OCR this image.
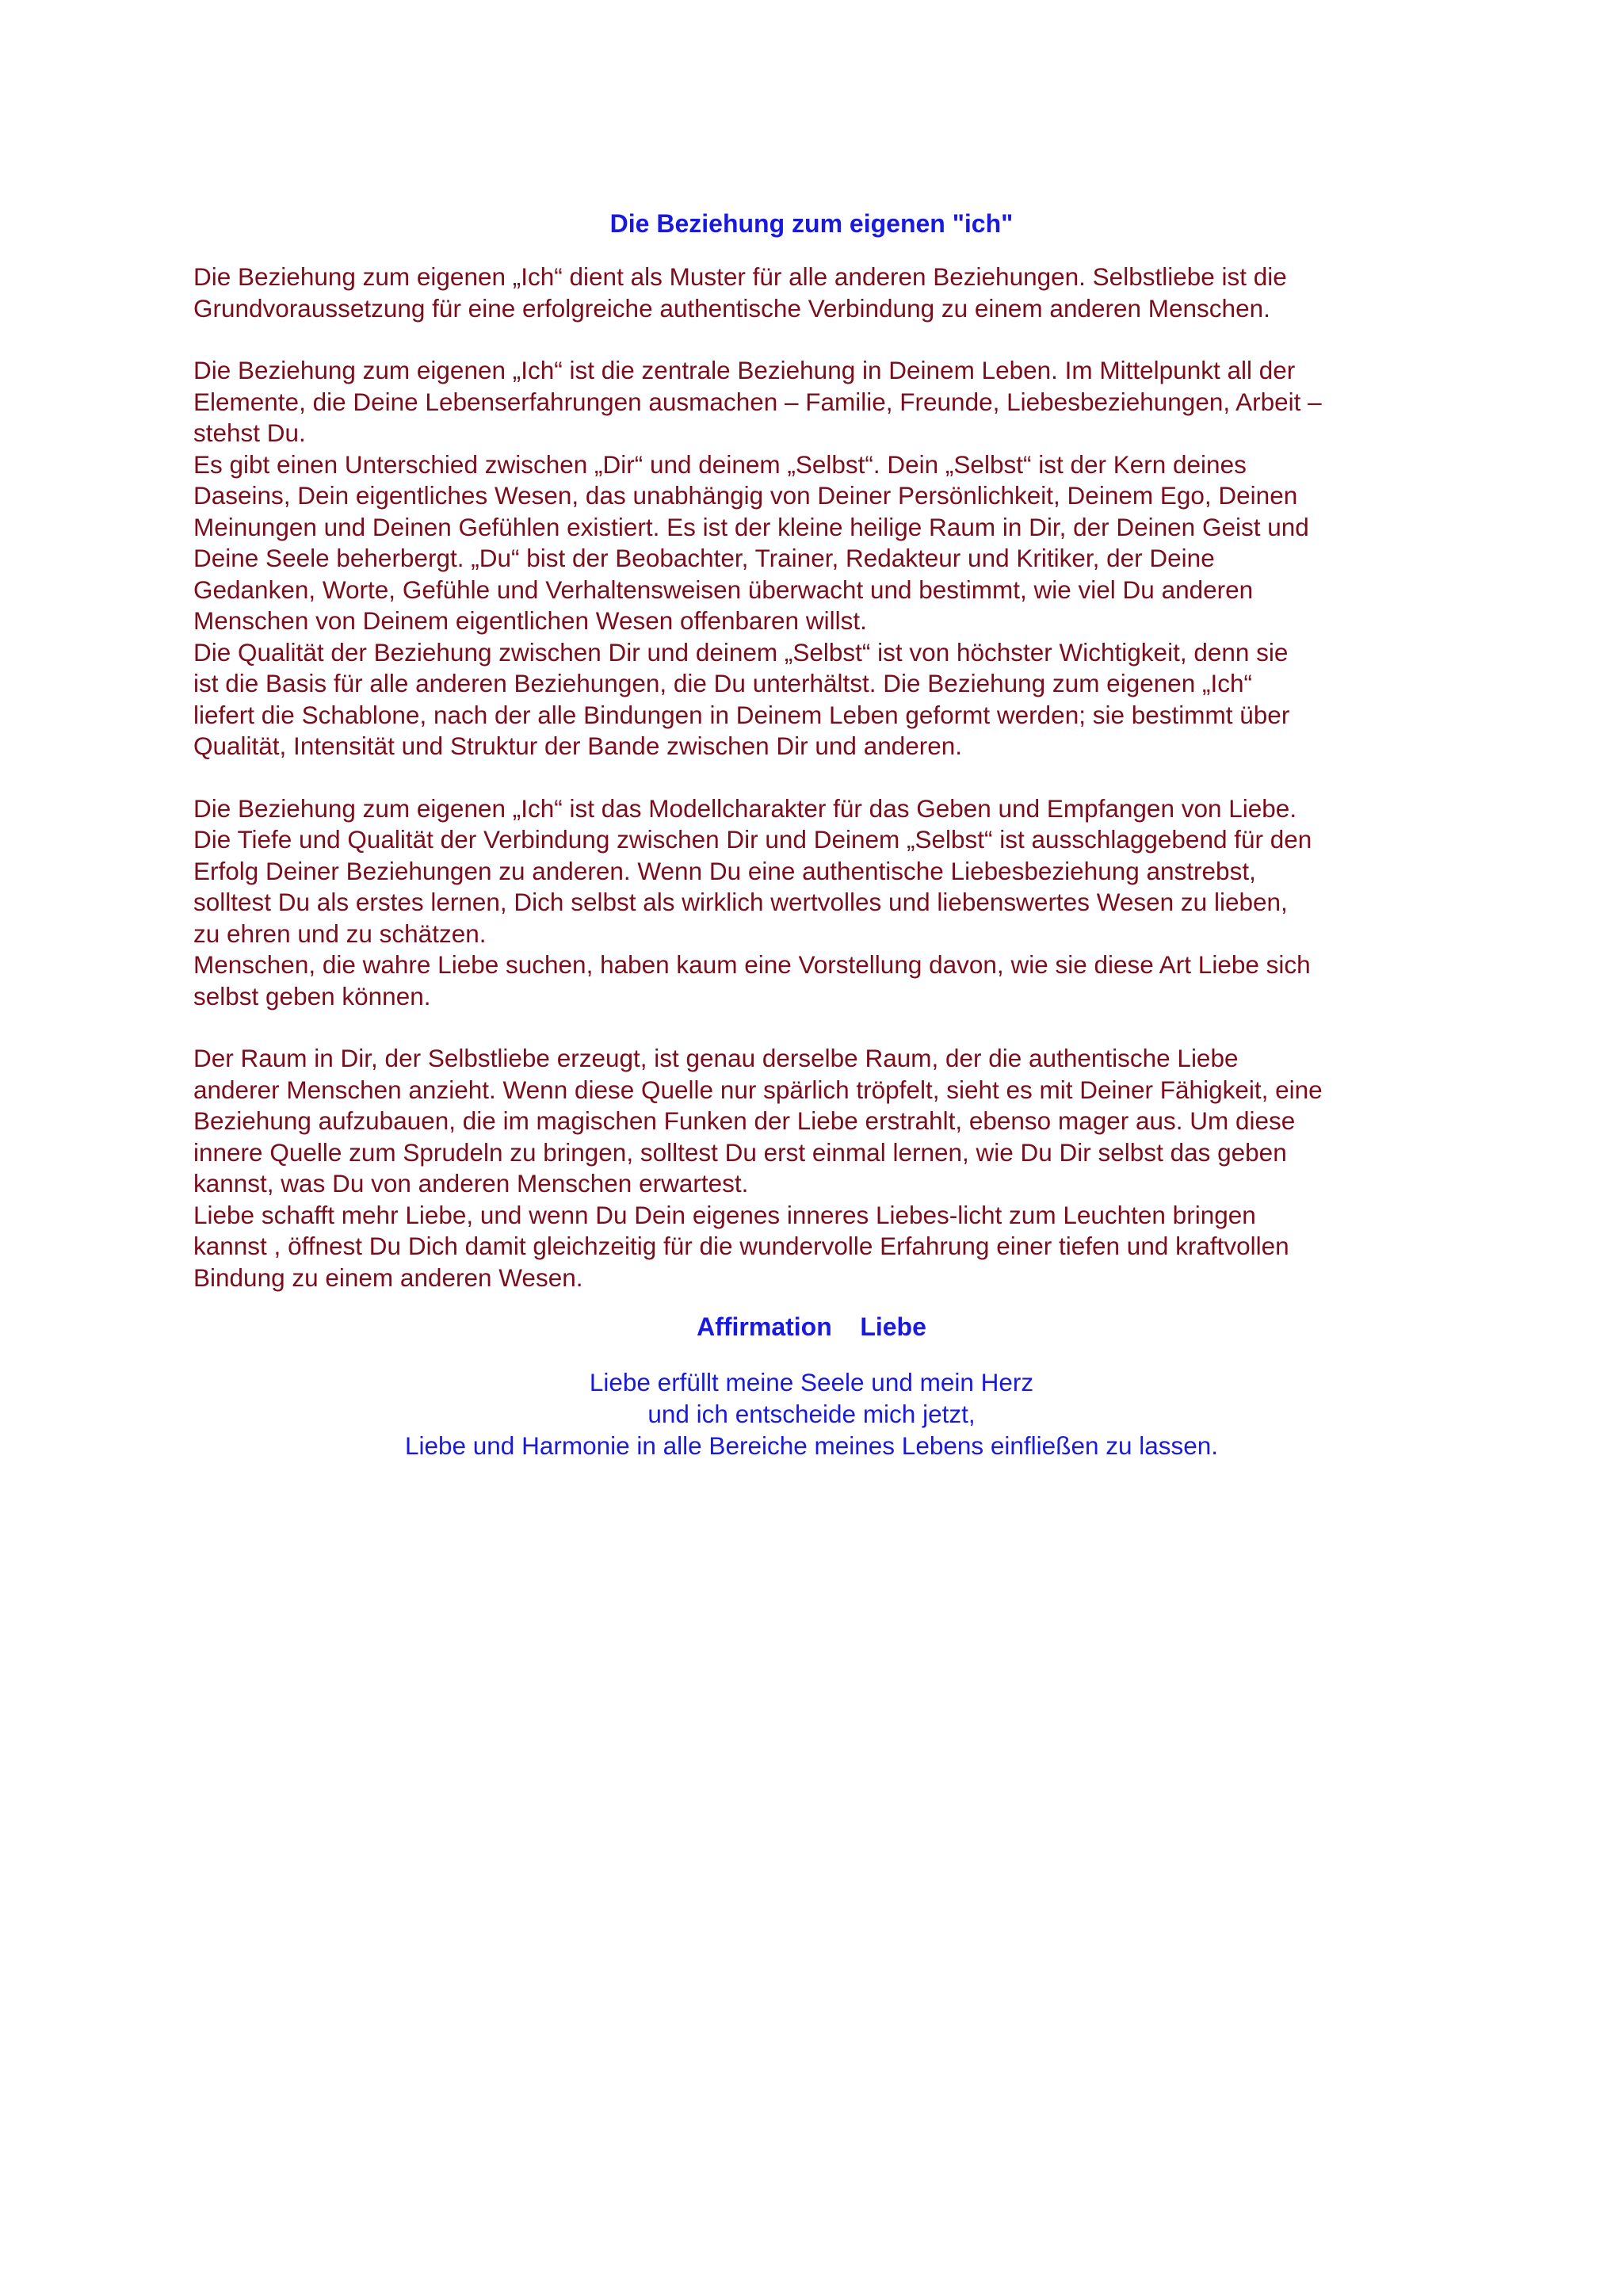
Die Beziehung zum eigenen "ich"

Die Beziehung zum eigenen „Ich“ dient als Muster für alle anderen Beziehungen. Selbstliebe ist die
Grundvoraussetzung für eine erfolgreiche authentische Verbindung zu einem anderen Menschen.

Die Beziehung zum eigenen „Ich“ ist die zentrale Beziehung in Deinem Leben. Im Mittelpunkt all der
Elemente, die Deine Lebenserfahrungen ausmachen – Familie, Freunde, Liebesbeziehungen, Arbeit –
stehst Du.

Es gibt einen Unterschied zwischen „Dir“ und deinem „Selbst“. Dein „Selbst“ ist der Kern deines
Daseins, Dein eigentliches Wesen, das unabhängig von Deiner Persönlichkeit, Deinem Ego, Deinen
Meinungen und Deinen Gefühlen existiert. Es ist der kleine heilige Raum in Dir, der Deinen Geist und
Deine Seele beherbergt. „Du“ bist der Beobachter, Trainer, Redakteur und Kritiker, der Deine
Gedanken, Worte, Gefühle und Verhaltensweisen überwacht und bestimmt, wie viel Du anderen
Menschen von Deinem eigentlichen Wesen offenbaren willst.

Die Qualität der Beziehung zwischen Dir und deinem „Selbst“ ist von höchster Wichtigkeit, denn sie
ist die Basis für alle anderen Beziehungen, die Du unterhältst. Die Beziehung zum eigenen „Ich“
liefert die Schablone, nach der alle Bindungen in Deinem Leben geformt werden; sie bestimmt über
Qualität, Intensität und Struktur der Bande zwischen Dir und anderen.

Die Beziehung zum eigenen „Ich“ ist das Modellcharakter für das Geben und Empfangen von Liebe.
Die Tiefe und Qualität der Verbindung zwischen Dir und Deinem „Selbst“ ist ausschlaggebend für den
Erfolg Deiner Beziehungen zu anderen. Wenn Du eine authentische Liebesbeziehung anstrebst,
solltest Du als erstes lernen, Dich selbst als wirklich wertvolles und liebenswertes Wesen zu lieben,
zu ehren und zu schätzen.

Menschen, die wahre Liebe suchen, haben kaum eine Vorstellung davon, wie sie diese Art Liebe sich
selbst geben können.

Der Raum in Dir, der Selbstliebe erzeugt, ist genau derselbe Raum, der die authentische Liebe
anderer Menschen anzieht. Wenn diese Quelle nur spärlich tröpfelt, sieht es mit Deiner Fähigkeit, eine
Beziehung aufzubauen, die im magischen Funken der Liebe erstrahlt, ebenso mager aus. Um diese
innere Quelle zum Sprudeln zu bringen, solltest Du erst einmal lernen, wie Du Dir selbst das geben
kannst, was Du von anderen Menschen erwartest.

Liebe schafft mehr Liebe, und wenn Du Dein eigenes inneres Liebes-licht zum Leuchten bringen
kannst , öffnest Du Dich damit gleichzeitig für die wundervolle Erfahrung einer tiefen und kraftvollen
Bindung zu einem anderen Wesen.

Affirmation    Liebe
Liebe erfüllt meine Seele und mein Herz
und ich entscheide mich jetzt,
Liebe und Harmonie in alle Bereiche meines Lebens einfließen zu lassen.
